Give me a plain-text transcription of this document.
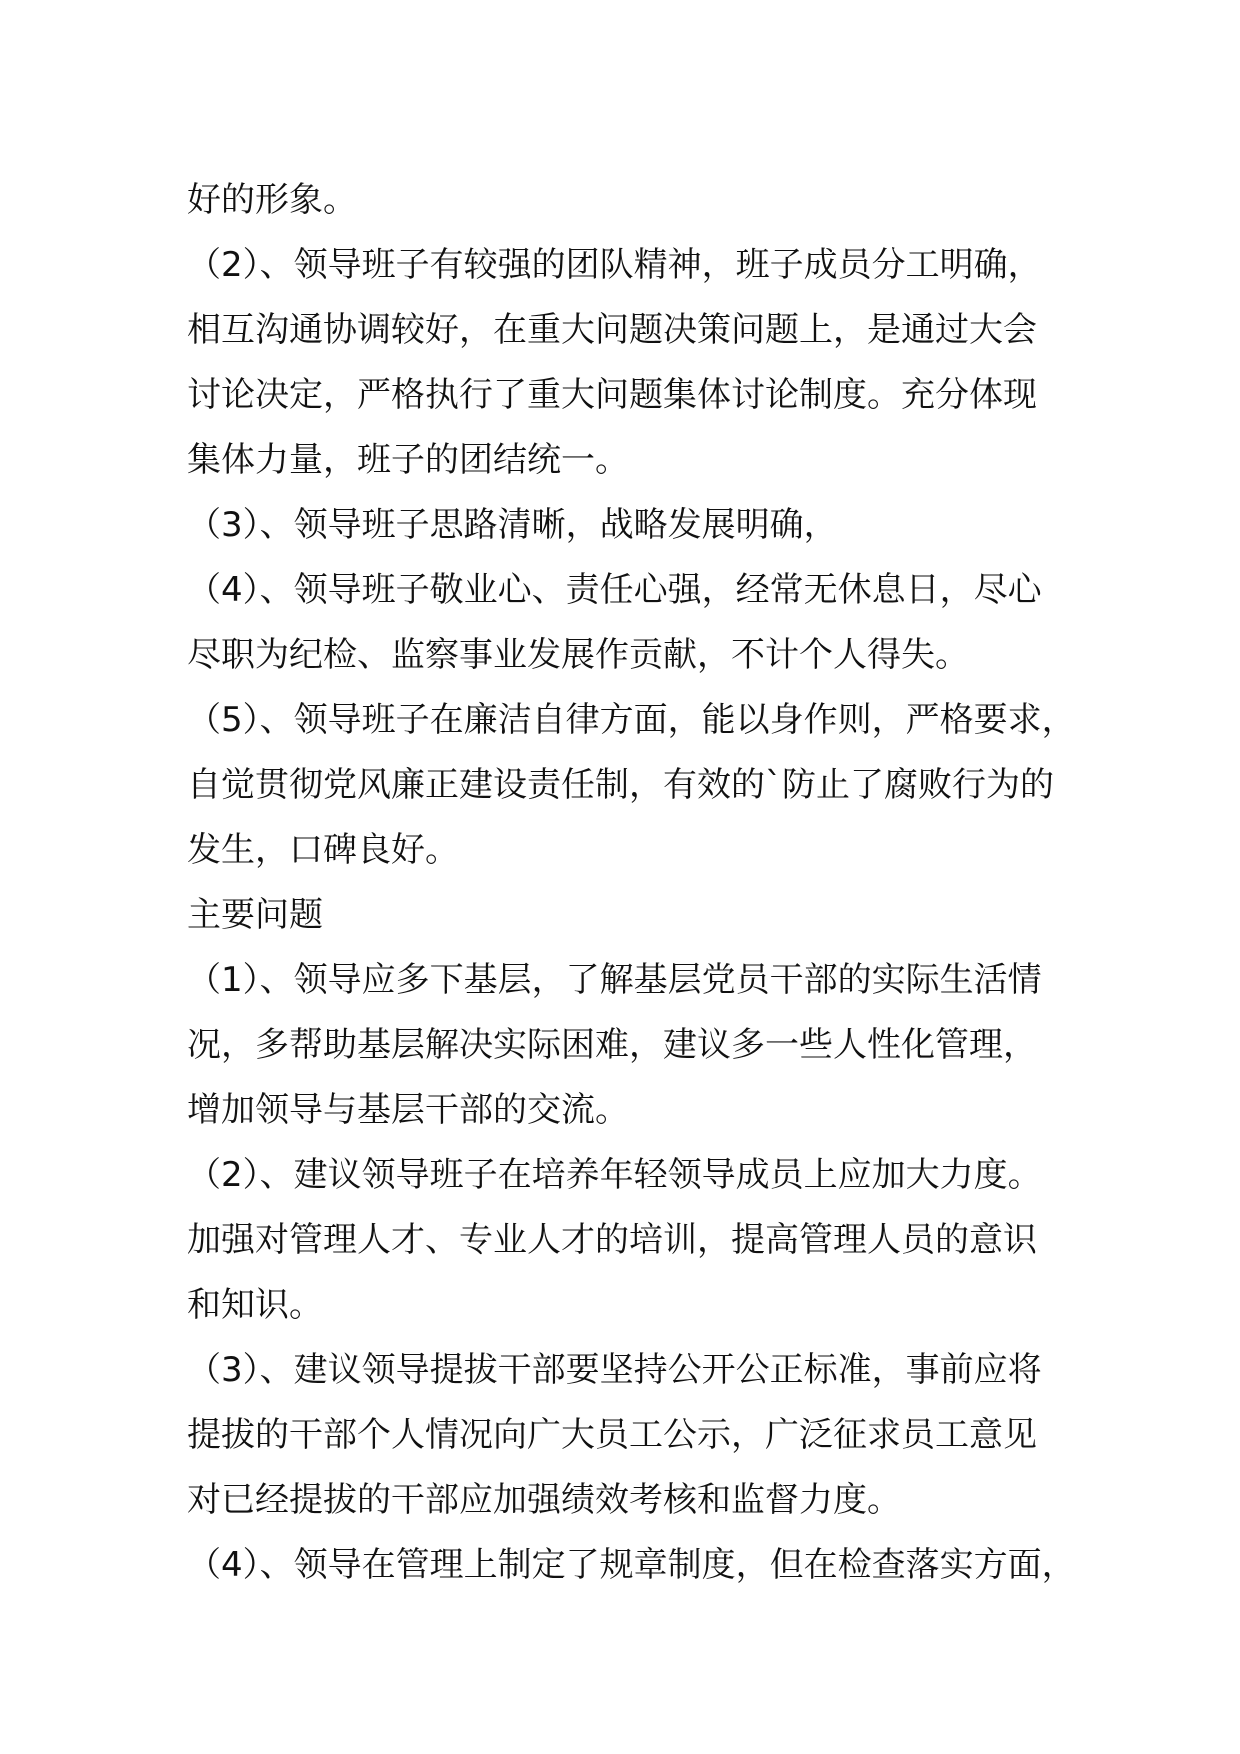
好的形象。
（2）、领导班子有较强的团队精神，班子成员分工明确，
相互沟通协调较好，在重大问题决策问题上，是通过大会
讨论决定，严格执行了重大问题集体讨论制度。充分体现
集体力量，班子的团结统一。
（3）、领导班子思路清晰，战略发展明确，
（4）、领导班子敬业心、责任心强，经常无休息日，尽心
尽职为纪检、监察事业发展作贡献，不计个人得失。
（5）、领导班子在廉洁自律方面，能以身作则，严格要求，
自觉贯彻党风廉正建设责任制，有效的`防止了腐败行为的
发生，口碑良好。
主要问题
（1）、领导应多下基层，了解基层党员干部的实际生活情
况，多帮助基层解决实际困难，建议多一些人性化管理，
增加领导与基层干部的交流。
（2）、建议领导班子在培养年轻领导成员上应加大力度。
加强对管理人才、专业人才的培训，提高管理人员的意识
和知识。
（3）、建议领导提拔干部要坚持公开公正标准，事前应将
提拔的干部个人情况向广大员工公示，广泛征求员工意见
对已经提拔的干部应加强绩效考核和监督力度。
（4）、领导在管理上制定了规章制度，但在检查落实方面，
